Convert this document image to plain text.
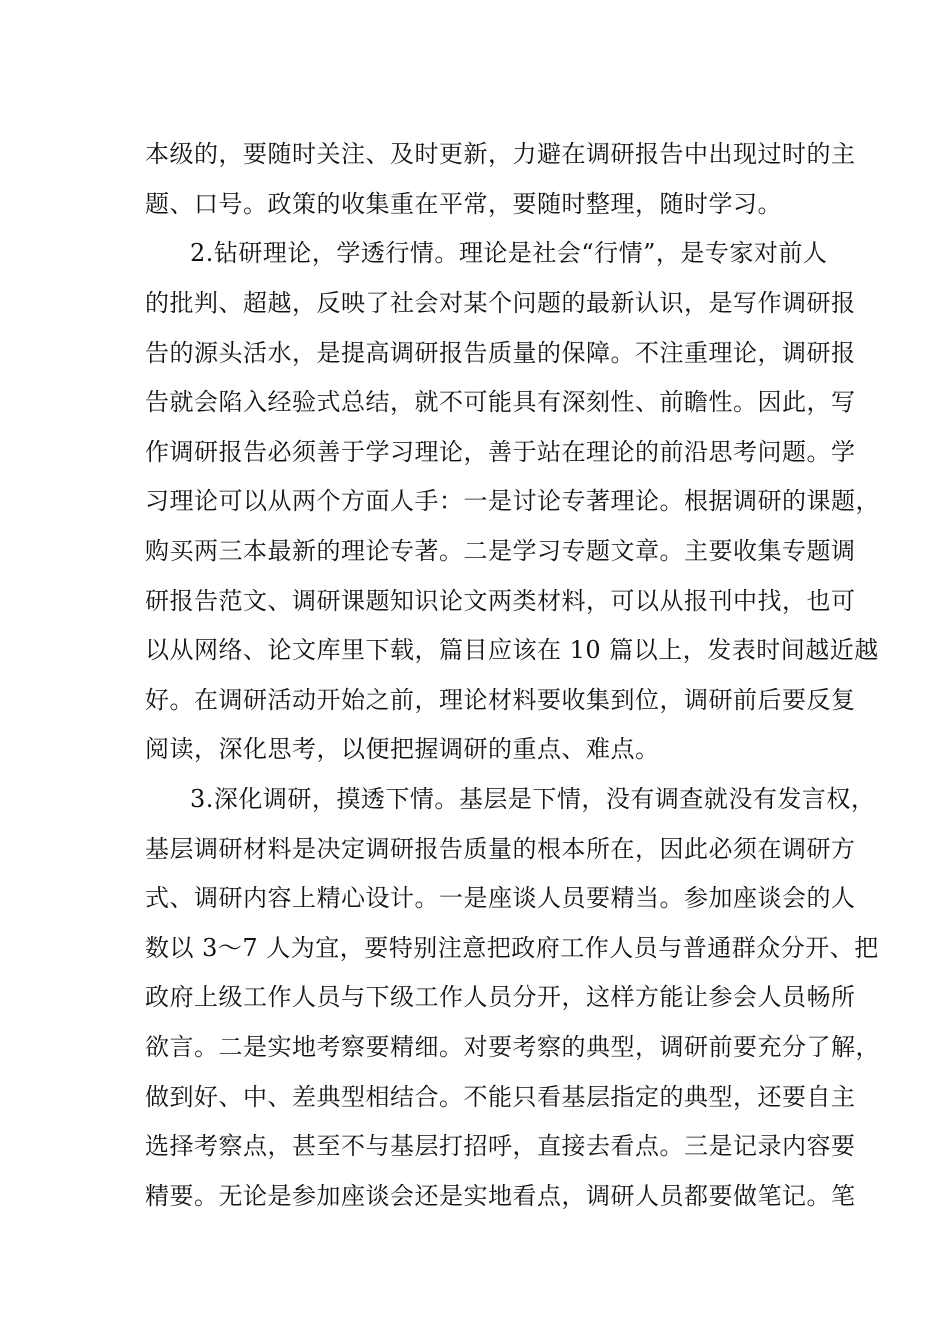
本级的，要随时关注、及时更新，力避在调研报告中出现过时的主
题、口号。政策的收集重在平常，要随时整理，随时学习。
2.钻研理论，学透行情。理论是社会“行情”，是专家对前人
的批判、超越，反映了社会对某个问题的最新认识，是写作调研报
告的源头活水，是提高调研报告质量的保障。不注重理论，调研报
告就会陷入经验式总结，就不可能具有深刻性、前瞻性。因此，写
作调研报告必须善于学习理论，善于站在理论的前沿思考问题。学
习理论可以从两个方面人手：一是讨论专著理论。根据调研的课题，
购买两三本最新的理论专著。二是学习专题文章。主要收集专题调
研报告范文、调研课题知识论文两类材料，可以从报刊中找，也可
以从网络、论文库里下载，篇目应该在 10 篇以上，发表时间越近越
好。在调研活动开始之前，理论材料要收集到位，调研前后要反复
阅读，深化思考，以便把握调研的重点、难点。
3.深化调研，摸透下情。基层是下情，没有调查就没有发言权，
基层调研材料是决定调研报告质量的根本所在，因此必须在调研方
式、调研内容上精心设计。一是座谈人员要精当。参加座谈会的人
数以 3～7 人为宜，要特别注意把政府工作人员与普通群众分开、把
政府上级工作人员与下级工作人员分开，这样方能让参会人员畅所
欲言。二是实地考察要精细。对要考察的典型，调研前要充分了解，
做到好、中、差典型相结合。不能只看基层指定的典型，还要自主
选择考察点，甚至不与基层打招呼，直接去看点。三是记录内容要
精要。无论是参加座谈会还是实地看点，调研人员都要做笔记。笔
